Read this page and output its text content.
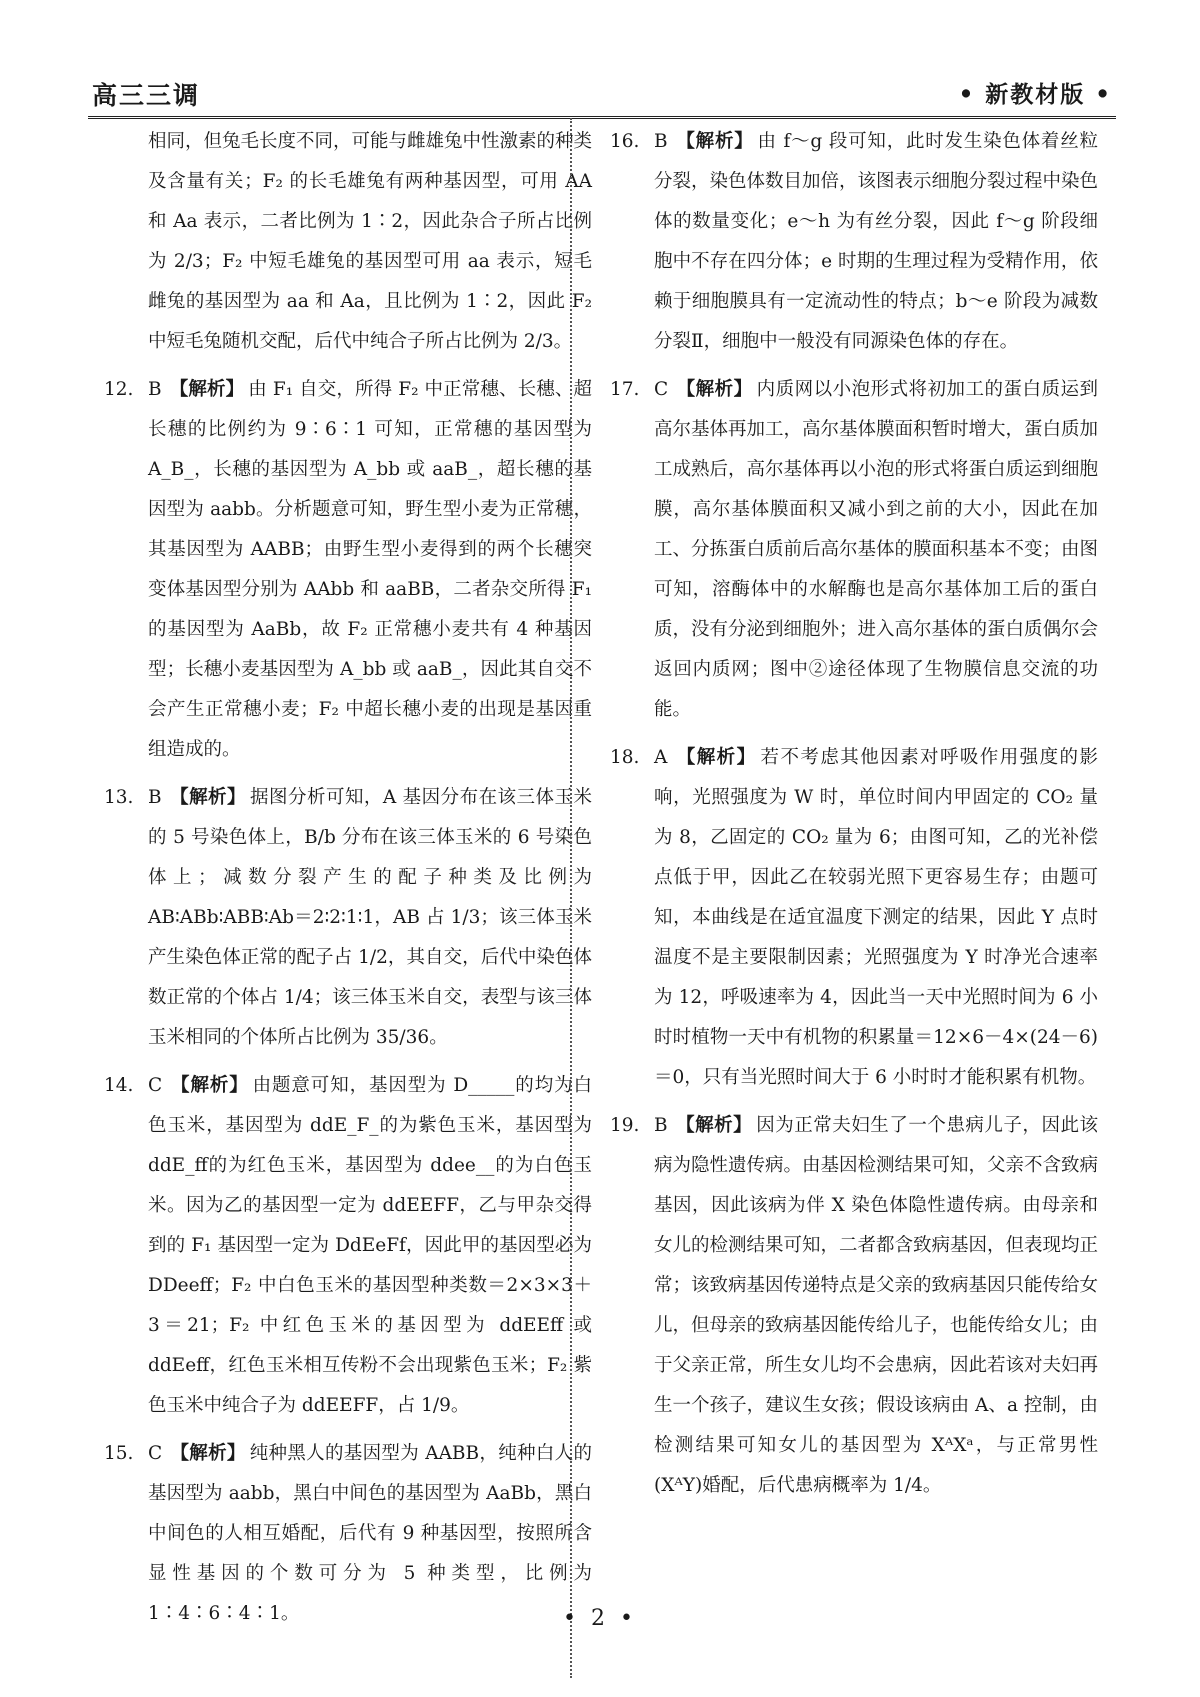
高三三调	• 新教材版 •
相同，但兔毛长度不同，可能与雌雄兔中性激素的种类及含量有关；F₂ 的长毛雄兔有两种基因型，可用 AA 和 Aa 表示，二者比例为 1∶2，因此杂合子所占比例为 2/3；F₂ 中短毛雄兔的基因型可用 aa 表示，短毛雌兔的基因型为 aa 和 Aa，且比例为 1∶2，因此 F₂ 中短毛兔随机交配，后代中纯合子所占比例为 2/3。
12. B 【解析】 由 F₁ 自交，所得 F₂ 中正常穗、长穗、超长穗的比例约为 9∶6∶1 可知，正常穗的基因型为 A_B_，长穗的基因型为 A_bb 或 aaB_，超长穗的基因型为 aabb。分析题意可知，野生型小麦为正常穗，其基因型为 AABB；由野生型小麦得到的两个长穗突变体基因型分别为 AAbb 和 aaBB，二者杂交所得 F₁ 的基因型为 AaBb，故 F₂ 正常穗小麦共有 4 种基因型；长穗小麦基因型为 A_bb 或 aaB_，因此其自交不会产生正常穗小麦；F₂ 中超长穗小麦的出现是基因重组造成的。
13. B 【解析】 据图分析可知，A 基因分布在该三体玉米的 5 号染色体上，B/b 分布在该三体玉米的 6 号染色体上；减数分裂产生的配子种类及比例为 AB∶ABb∶ABB∶Ab＝2∶2∶1∶1，AB 占 1/3；该三体玉米产生染色体正常的配子占 1/2，其自交，后代中染色体数正常的个体占 1/4；该三体玉米自交，表型与该三体玉米相同的个体所占比例为 35/36。
14. C 【解析】 由题意可知，基因型为 D_____的均为白色玉米，基因型为 ddE_F_的为紫色玉米，基因型为 ddE_ff的为红色玉米，基因型为 ddee__的为白色玉米。因为乙的基因型一定为 ddEEFF，乙与甲杂交得到的 F₁ 基因型一定为 DdEeFf，因此甲的基因型必为 DDeeff；F₂ 中白色玉米的基因型种类数＝2×3×3＋3＝21；F₂ 中红色玉米的基因型为 ddEEff 或 ddEeff，红色玉米相互传粉不会出现紫色玉米；F₂ 紫色玉米中纯合子为 ddEEFF，占 1/9。
15. C 【解析】 纯种黑人的基因型为 AABB，纯种白人的基因型为 aabb，黑白中间色的基因型为 AaBb，黑白中间色的人相互婚配，后代有 9 种基因型，按照所含显性基因的个数可分为 5 种类型，比例为 1∶4∶6∶4∶1。
16. B 【解析】 由 f～g 段可知，此时发生染色体着丝粒分裂，染色体数目加倍，该图表示细胞分裂过程中染色体的数量变化；e～h 为有丝分裂，因此 f～g 阶段细胞中不存在四分体；e 时期的生理过程为受精作用，依赖于细胞膜具有一定流动性的特点；b～e 阶段为减数分裂Ⅱ，细胞中一般没有同源染色体的存在。
17. C 【解析】 内质网以小泡形式将初加工的蛋白质运到高尔基体再加工，高尔基体膜面积暂时增大，蛋白质加工成熟后，高尔基体再以小泡的形式将蛋白质运到细胞膜，高尔基体膜面积又减小到之前的大小，因此在加工、分拣蛋白质前后高尔基体的膜面积基本不变；由图可知，溶酶体中的水解酶也是高尔基体加工后的蛋白质，没有分泌到细胞外；进入高尔基体的蛋白质偶尔会返回内质网；图中②途径体现了生物膜信息交流的功能。
18. A 【解析】 若不考虑其他因素对呼吸作用强度的影响，光照强度为 W 时，单位时间内甲固定的 CO₂ 量为 8，乙固定的 CO₂ 量为 6；由图可知，乙的光补偿点低于甲，因此乙在较弱光照下更容易生存；由题可知，本曲线是在适宜温度下测定的结果，因此 Y 点时温度不是主要限制因素；光照强度为 Y 时净光合速率为 12，呼吸速率为 4，因此当一天中光照时间为 6 小时时植物一天中有机物的积累量＝12×6－4×(24－6)＝0，只有当光照时间大于 6 小时时才能积累有机物。
19. B 【解析】 因为正常夫妇生了一个患病儿子，因此该病为隐性遗传病。由基因检测结果可知，父亲不含致病基因，因此该病为伴 X 染色体隐性遗传病。由母亲和女儿的检测结果可知，二者都含致病基因，但表现均正常；该致病基因传递特点是父亲的致病基因只能传给女儿，但母亲的致病基因能传给儿子，也能传给女儿；由于父亲正常，所生女儿均不会患病，因此若该对夫妇再生一个孩子，建议生女孩；假设该病由 A、a 控制，由检测结果可知女儿的基因型为 XᴬXᵃ，与正常男性(XᴬY)婚配，后代患病概率为 1/4。
• 2 •
